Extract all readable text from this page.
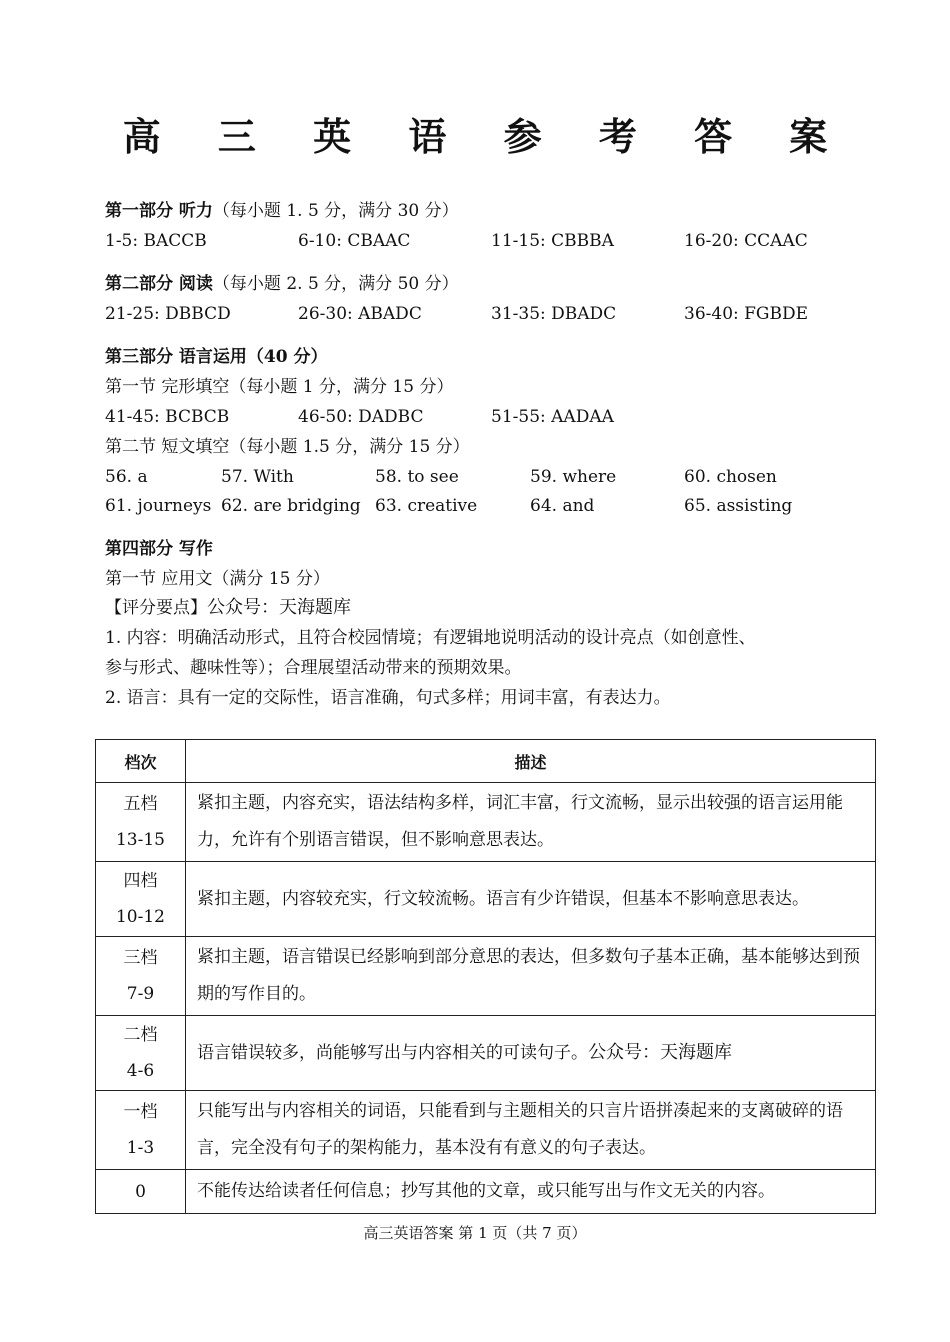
高 三 英 语 参 考 答 案
第一部分 听力（每小题 1. 5 分，满分 30 分）
1-5: BACCB	6-10: CBAAC	11-15: CBBBA	16-20: CCAAC
第二部分 阅读（每小题 2. 5 分，满分 50 分）
21-25: DBBCD	26-30: ABADC	31-35: DBADC	36-40: FGBDE
第三部分 语言运用（40 分）
第一节 完形填空（每小题 1 分，满分 15 分）
41-45: BCBCB	46-50: DADBC	51-55: AADAA
第二节 短文填空（每小题 1.5 分，满分 15 分）
56. a	57. With	58. to see	59. where	60. chosen
61. journeys 62. are bridging 63. creative	64. and	65. assisting
第四部分 写作
第一节 应用文（满分 15 分）
【评分要点】公众号：天海题库
1. 内容：明确活动形式，且符合校园情境；有逻辑地说明活动的设计亮点（如创意性、
参与形式、趣味性等）；合理展望活动带来的预期效果。
2. 语言：具有一定的交际性，语言准确，句式多样；用词丰富，有表达力。
档次	描述

五档
13-15	紧扣主题，内容充实，语法结构多样，词汇丰富，行文流畅，显示出较强的语言运用能力，允许有个别语言错误，但不影响意思表达。

四档
10-12	紧扣主题，内容较充实，行文较流畅。语言有少许错误，但基本不影响意思表达。

三档
7-9	紧扣主题，语言错误已经影响到部分意思的表达，但多数句子基本正确，基本能够达到预期的写作目的。

二档
4-6	语言错误较多，尚能够写出与内容相关的可读句子。公众号：天海题库

一档
1-3	只能写出与内容相关的词语，只能看到与主题相关的只言片语拼凑起来的支离破碎的语言，完全没有句子的架构能力，基本没有有意义的句子表达。

0	不能传达给读者任何信息；抄写其他的文章，或只能写出与作文无关的内容。
高三英语答案 第 1 页（共 7 页）
